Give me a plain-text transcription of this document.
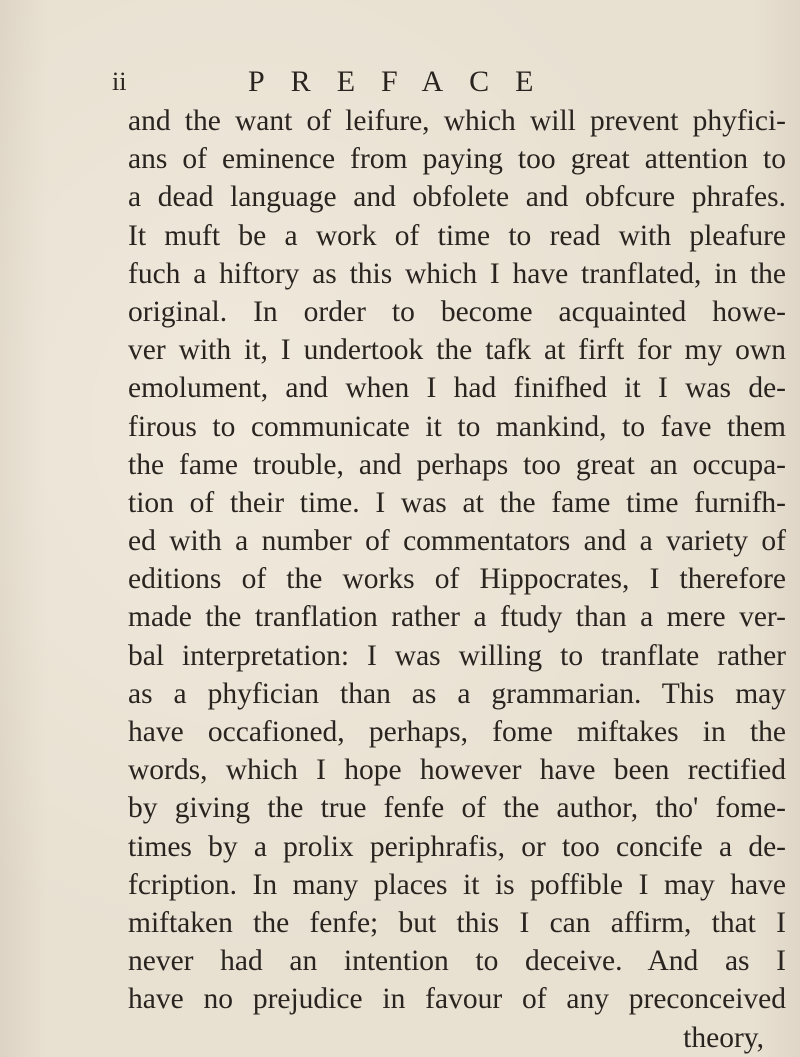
ii	PREFACE
and the want of leifure, which will prevent phyfici-
ans of eminence from paying too great attention to
a dead language and obfolete and obfcure phrafes.
It muft be a work of time to read with pleafure
fuch a hiftory as this which I have tranflated, in the
original. In order to become acquainted howe-
ver with it, I undertook the tafk at firft for my own
emolument, and when I had finifhed it I was de-
firous to communicate it to mankind, to fave them
the fame trouble, and perhaps too great an occupa-
tion of their time. I was at the fame time furnifh-
ed with a number of commentators and a variety of
editions of the works of Hippocrates, I therefore
made the tranflation rather a ftudy than a mere ver-
bal interpretation: I was willing to tranflate rather
as a phyfician than as a grammarian. This may
have occafioned, perhaps, fome miftakes in the
words, which I hope however have been rectified
by giving the true fenfe of the author, tho' fome-
times by a prolix periphrafis, or too concife a de-
fcription. In many places it is poffible I may have
miftaken the fenfe; but this I can affirm, that I
never had an intention to deceive. And as I
have no prejudice in favour of any preconceived
theory,
